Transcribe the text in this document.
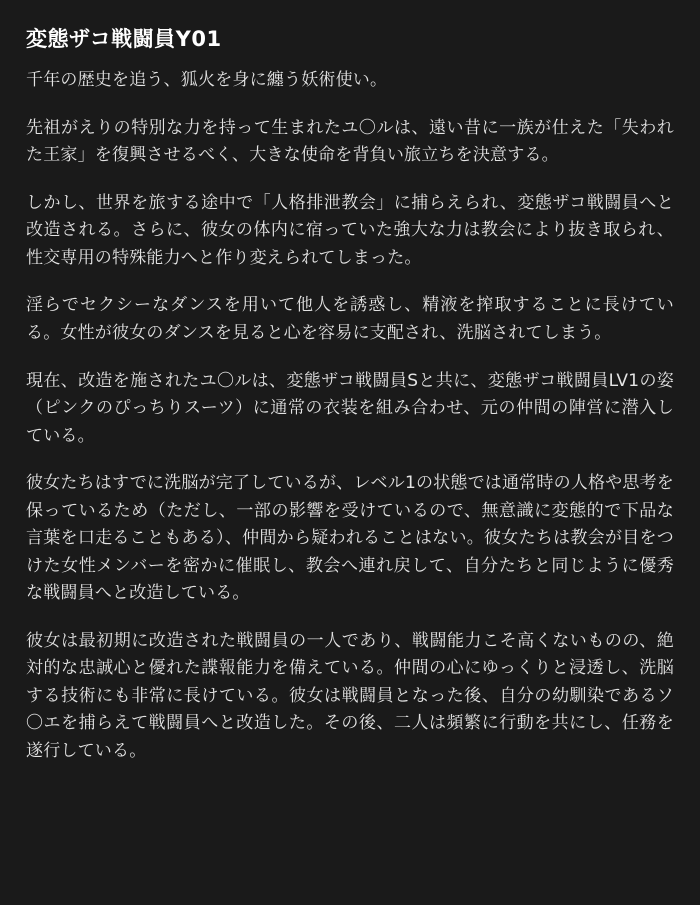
変態ザコ戦闘員Y01

千年の歴史を追う、狐火を身に纏う妖術使い。

先祖がえりの特別な力を持って生まれたユ〇ルは、遠い昔に一族が仕えた「失われた王家」を復興させるべく、大きな使命を背負い旅立ちを決意する。

しかし、世界を旅する途中で「人格排泄教会」に捕らえられ、変態ザコ戦闘員へと改造される。さらに、彼女の体内に宿っていた強大な力は教会により抜き取られ、性交専用の特殊能力へと作り変えられてしまった。

淫らでセクシーなダンスを用いて他人を誘惑し、精液を搾取することに長けている。女性が彼女のダンスを見ると心を容易に支配され、洗脳されてしまう。

現在、改造を施されたユ〇ルは、変態ザコ戦闘員Sと共に、変態ザコ戦闘員LV1の姿（ピンクのぴっちりスーツ）に通常の衣装を組み合わせ、元の仲間の陣営に潜入している。

彼女たちはすでに洗脳が完了しているが、レベル1の状態では通常時の人格や思考を保っているため（ただし、一部の影響を受けているので、無意識に変態的で下品な言葉を口走ることもある）、仲間から疑われることはない。彼女たちは教会が目をつけた女性メンバーを密かに催眠し、教会へ連れ戻して、自分たちと同じように優秀な戦闘員へと改造している。

彼女は最初期に改造された戦闘員の一人であり、戦闘能力こそ高くないものの、絶対的な忠誠心と優れた諜報能力を備えている。仲間の心にゆっくりと浸透し、洗脳する技術にも非常に長けている。彼女は戦闘員となった後、自分の幼馴染であるソ〇エを捕らえて戦闘員へと改造した。その後、二人は頻繁に行動を共にし、任務を遂行している。
